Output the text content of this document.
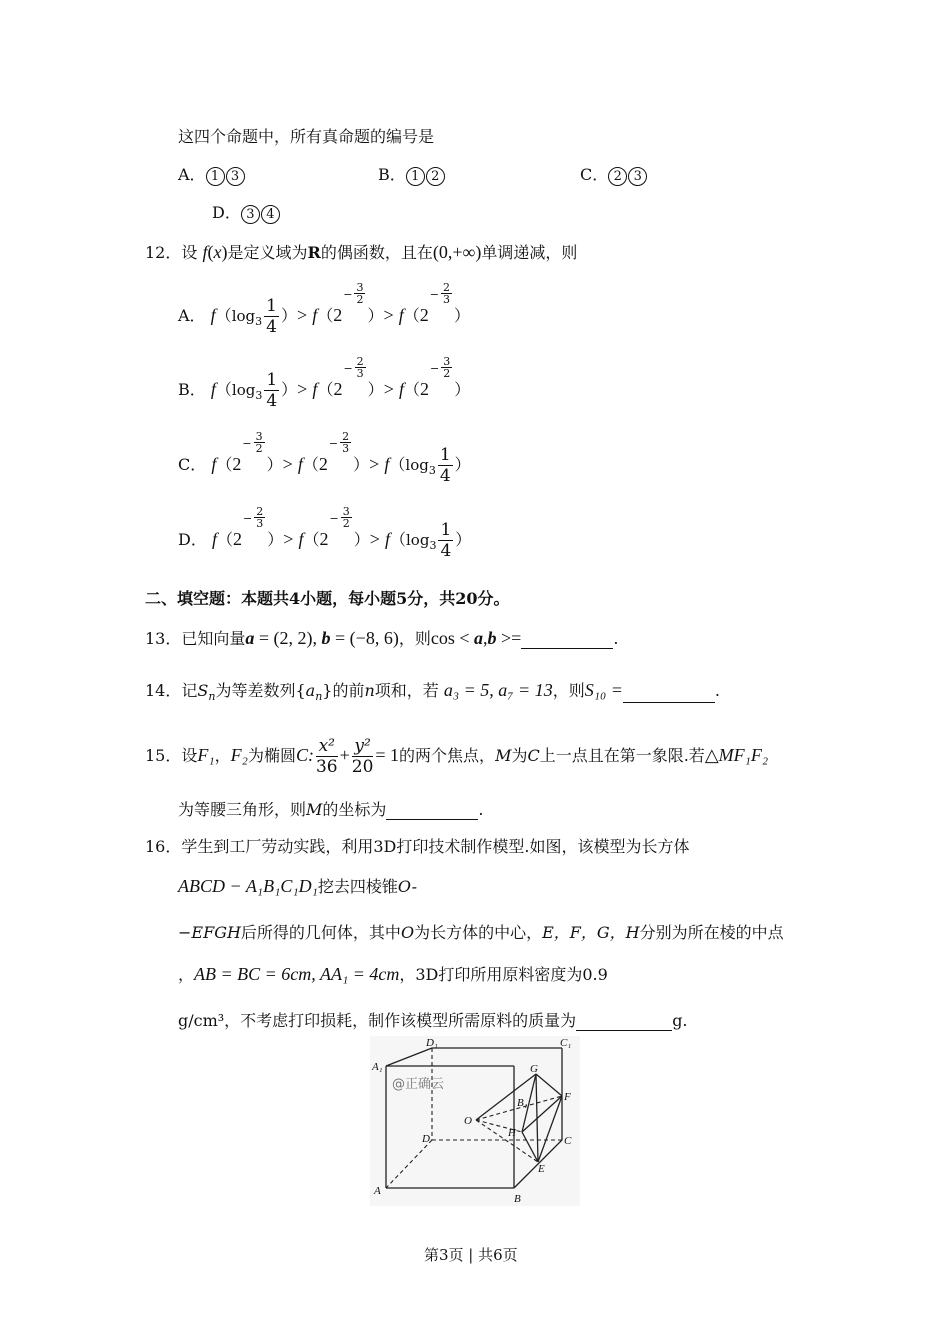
这四个命题中，所有真命题的编号是
A． 1 3	B． 1 2	C． 2 3
D． 3 4
12．设 f(x)是定义域为R的偶函数，且在(0,+∞)单调递减，则
A． $f(\log_3 \frac{1}{4}$ ）> $f(2- \frac{3}{2}$
）> $f(2- \frac{2}{3}$
）
B． $f(\log_3 \frac{1}{4}$ ）> $f(2- \frac{2}{3}$
）> $f(2- \frac{3}{2}$
）
C． $f(2- \frac{3}{2}$
）> $f(2- \frac{2}{3}$
）> $f(\log_3 \frac{1}{4}$ ）
D． $f(2- \frac{2}{3}$
）> $f(2- \frac{3}{2}$
）> $f(\log_3 \frac{1}{4}$ ）
二、填空题：本题共4小题，每小题5分，共20分。
13．已知向量a = (2, 2), b = (−8, 6)，则cos < a,b >=	.
14．记$S_n$为等差数列$\{a_n\}$的前n项和，若 a₃ = 5, a₇ = 13，则S₁₀ =	.
15．设F₁，F₂为椭圆C: $\frac{\text{x²}}{36} + \frac{\text{y²}}{20} = 1$的两个焦点，M为C上一点且在第一象限.若△MF₁F₂
为等腰三角形，则M的坐标为	.
16．学生到工厂劳动实践，利用3D打印技术制作模型.如图，该模型为长方体
ABCD − A₁B₁C₁D₁挖去四棱锥O-
−EFGH后所得的几何体，其中O为长方体的中心，E，F，G，H分别为所在棱的中点
，AB = BC = 6cm, AA₁ = 4cm，3D打印所用原料密度为0.9
g/cm³，不考虑打印损耗，制作该模型所需原料的质量为	g.
D₁	C₁
A₁
B₁
G
F
O
H
D	C
E
A
B
@正确云
第3页 | 共6页
